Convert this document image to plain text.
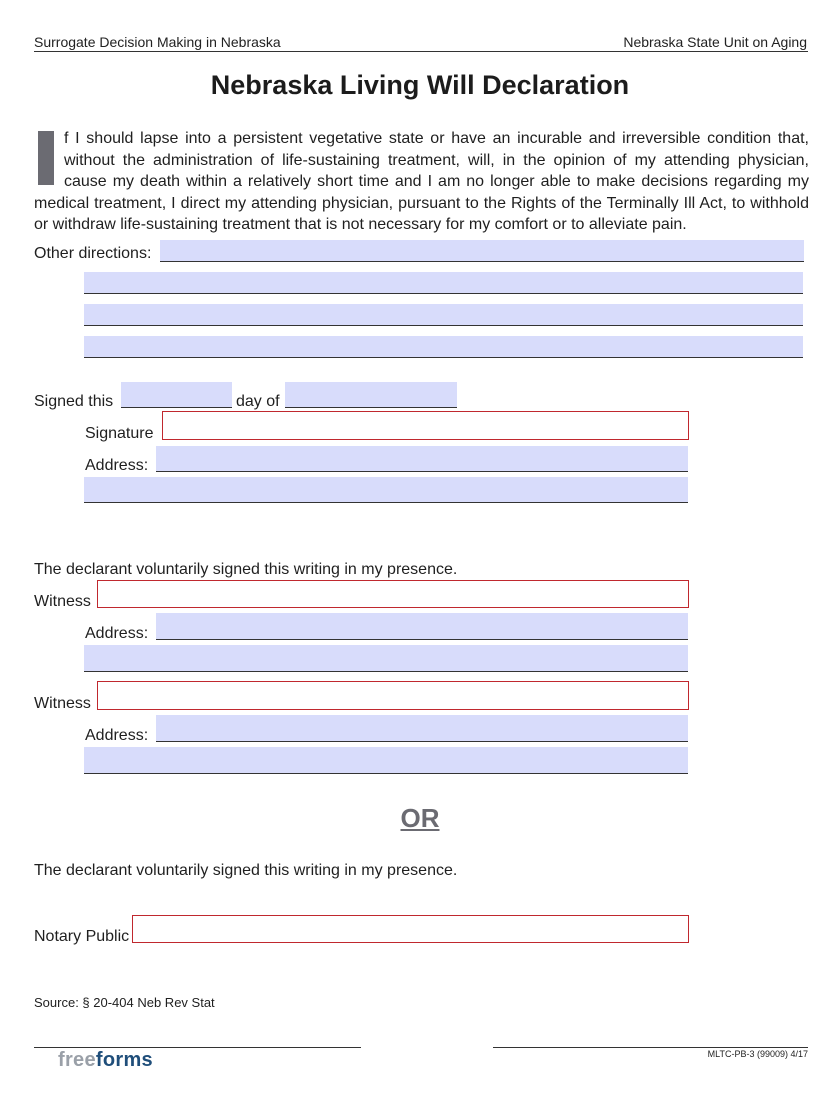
Surrogate Decision Making in Nebraska	Nebraska State Unit on Aging
Nebraska Living Will Declaration
f I should lapse into a persistent vegetative state or have an incurable and irreversible condition that, without the administration of life-sustaining treatment, will, in the opinion of my attending physician, cause my death within a relatively short time and I am no longer able to make decisions regarding my medical treatment, I direct my attending physician, pursuant to the Rights of the Terminally Ill Act, to withhold or withdraw life-sustaining treatment that is not necessary for my comfort or to alleviate pain.
Other directions:
Signed this	day of
Signature
Address:
The declarant voluntarily signed this writing in my presence.
Witness
Address:
Witness
Address:
OR
The declarant voluntarily signed this writing in my presence.
Notary Public
Source: § 20-404 Neb Rev Stat
freeforms	MLTC-PB-3 (99009) 4/17
